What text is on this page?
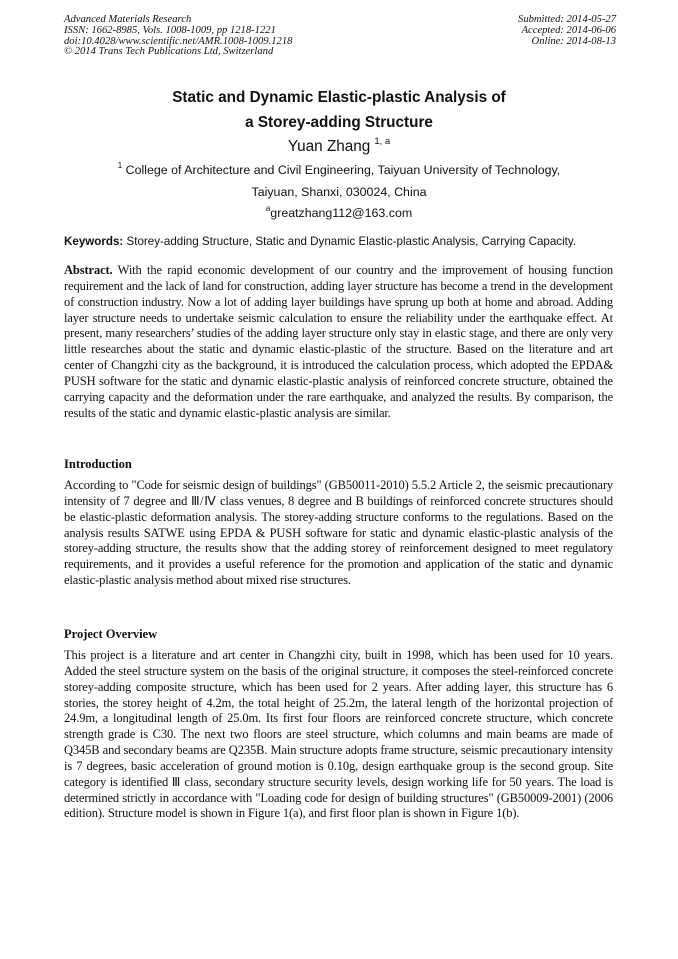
Advanced Materials Research
ISSN: 1662-8985, Vols. 1008-1009, pp 1218-1221
doi:10.4028/www.scientific.net/AMR.1008-1009.1218
© 2014 Trans Tech Publications Ltd, Switzerland
Submitted: 2014-05-27
Accepted: 2014-06-06
Online: 2014-08-13
Static and Dynamic Elastic-plastic Analysis of
a Storey-adding Structure
Yuan Zhang $^{1, a}$
$^1$ College of Architecture and Civil Engineering, Taiyuan University of Technology,
Taiyuan, Shanxi, 030024, China
$^a$greatzhang112@163.com
Keywords: Storey-adding Structure, Static and Dynamic Elastic-plastic Analysis, Carrying Capacity.
Abstract. With the rapid economic development of our country and the improvement of housing function requirement and the lack of land for construction, adding layer structure has become a trend in the development of construction industry. Now a lot of adding layer buildings have sprung up both at home and abroad. Adding layer structure needs to undertake seismic calculation to ensure the reliability under the earthquake effect. At present, many researchers’ studies of the adding layer structure only stay in elastic stage, and there are only very little researches about the static and dynamic elastic-plastic of the structure. Based on the literature and art center of Changzhi city as the background, it is introduced the calculation process, which adopted the EPDA& PUSH software for the static and dynamic elastic-plastic analysis of reinforced concrete structure, obtained the carrying capacity and the deformation under the rare earthquake, and analyzed the results. By comparison, the results of the static and dynamic elastic-plastic analysis are similar.
Introduction
According to "Code for seismic design of buildings" (GB50011-2010) 5.5.2 Article 2, the seismic precautionary intensity of 7 degree and Ⅲ/Ⅳ class venues, 8 degree and B buildings of reinforced concrete structures should be elastic-plastic deformation analysis. The storey-adding structure conforms to the regulations. Based on the analysis results SATWE using EPDA & PUSH software for static and dynamic elastic-plastic analysis of the storey-adding structure, the results show that the adding storey of reinforcement designed to meet regulatory requirements, and it provides a useful reference for the promotion and application of the static and dynamic elastic-plastic analysis method about mixed rise structures.
Project Overview
This project is a literature and art center in Changzhi city, built in 1998, which has been used for 10 years. Added the steel structure system on the basis of the original structure, it composes the steel-reinforced concrete storey-adding composite structure, which has been used for 2 years. After adding layer, this structure has 6 stories, the storey height of 4.2m, the total height of 25.2m, the lateral length of the horizontal projection of 24.9m, a longitudinal length of 25.0m. Its first four floors are reinforced concrete structure, which concrete strength grade is C30. The next two floors are steel structure, which columns and main beams are made of Q345B and secondary beams are Q235B. Main structure adopts frame structure, seismic precautionary intensity is 7 degrees, basic acceleration of ground motion is 0.10g, design earthquake group is the second group. Site category is identified Ⅲ class, secondary structure security levels, design working life for 50 years. The load is determined strictly in accordance with "Loading code for design of building structures" (GB50009-2001) (2006 edition). Structure model is shown in Figure 1(a), and first floor plan is shown in Figure 1(b).
